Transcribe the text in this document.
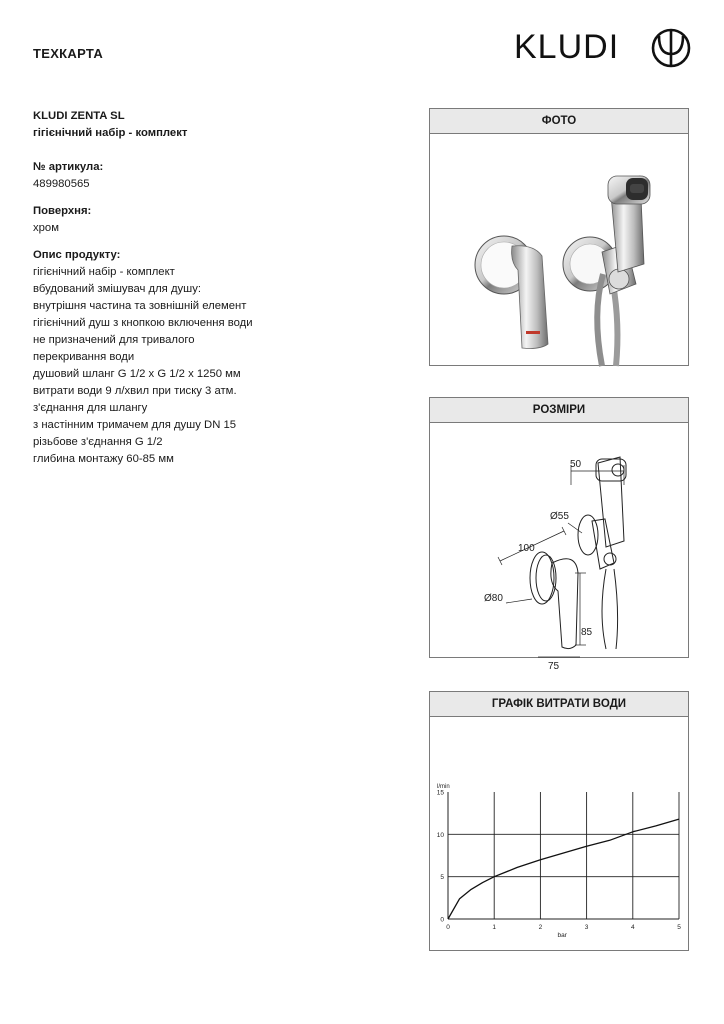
ТЕХКАРТА	KLUDI
KLUDI ZENTA SL
гігієнічний набір - комплект
№ артикула:
489980565
Поверхня:
хром
Опис продукту:
гігієнічний набір - комплект
вбудований змішувач для душу:
внутрішня частина та зовнішній елемент
гігієнічний душ з кнопкою включення води
не призначений для тривалого
перекривання води
душовий шланг G 1/2 x G 1/2 x 1250 мм
витрати води 9 л/хвил при тиску 3 атм.
з'єднання для шлангу
з настінним тримачем для душу DN 15
різьбове з'єднання G 1/2
глибина монтажу 60-85 мм
ФОТО
РОЗМІРИ
50
Ø55
100
Ø80
85
75
ГРАФІК ВИТРАТИ ВОДИ
0	1	2	3	4	5
0
5
10
15
l/min
bar
